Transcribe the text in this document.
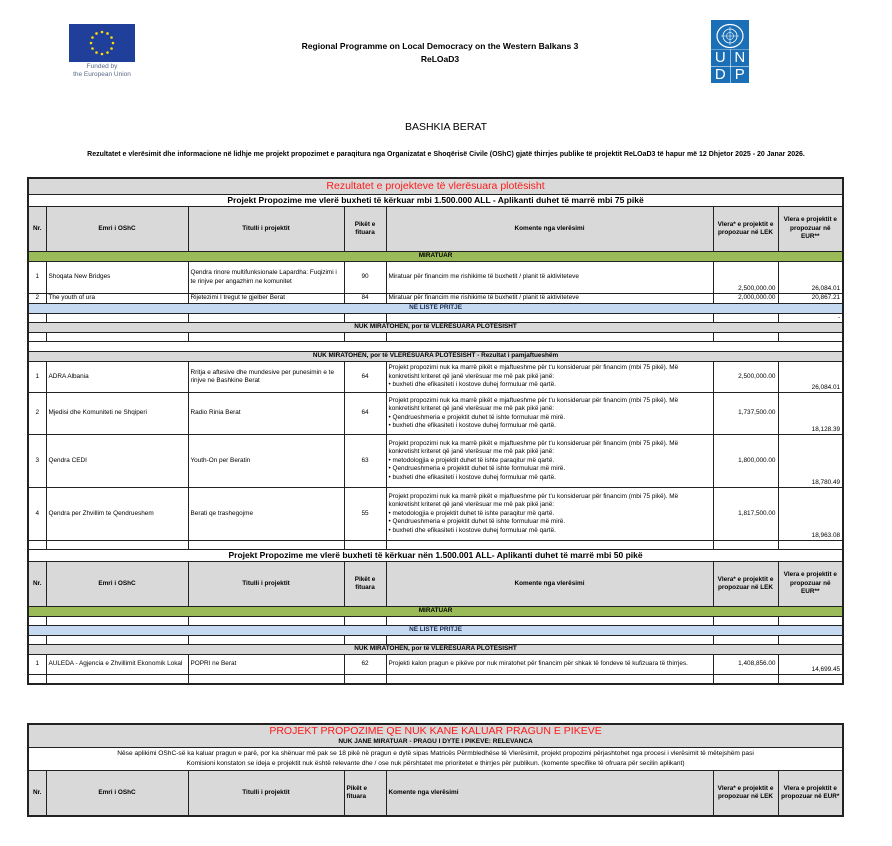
Funded by
the European Union
Regional Programme on Local Democracy on the Western Balkans 3
ReLOaD3	U N
D P
BASHKIA BERAT
Rezultatet e vlerësimit dhe informacione në lidhje me projekt propozimet e paraqitura nga Organizatat e Shoqërisë Civile (OShC) gjatë thirrjes publike të projektit ReLOaD3 të hapur më 12 Dhjetor 2025 - 20 Janar 2026.
Rezultatet e projekteve të vlerësuara plotësisht						
Projekt Propozime me vlerë buxheti të kërkuar mbi 1.500.000 ALL - Aplikanti duhet të marrë mbi 75 pikë						
Nr.	Emri i OShC	Titulli i projektit	Pikët e fituara	Komente nga vlerësimi	Vlera* e projektit e propozuar në LEK	Vlera e projektit e propozuar në EUR**
MIRATUAR						
1	Shoqata New Bridges	Qendra rinore multifunksionale Lapardha: Fuqizimi i te rinjve per angazhim ne komunitet	90	Miratuar për financim me rishikime të buxhetit / planit të aktiviteteve	2,500,000.00	26,084.01
2	The youth of ura	Rijetezimi I tregut te gjelber Berat	84	Miratuar për financim me rishikime të buxhetit / planit të aktiviteteve	2,000,000.00	20,867.21
NË LISTË PRITJE						
						-
NUK MIRATOHEN, por të VLERËSUARA PLOTËSISHT						

NUK MIRATOHEN, por të VLERËSUARA PLOTËSISHT - Rezultat i pamjaftueshëm						
1	ADRA Albania	Rritja e aftesive dhe mundesive per punesimin e te rinjve ne Bashkine Berat	64	Projekt propozimi nuk ka marrë pikët e mjaftueshme për t'u konsideruar për financim (mbi 75 pikë). Më konkretisht kriteret që janë vlerësuar me më pak pikë janë:
• buxheti dhe efikasiteti i kostove duhej formuluar më qartë.	2,500,000.00	26,084.01
2	Mjedisi dhe Komuniteti ne Shqiperi	Radio Rinia Berat	64	Projekt propozimi nuk ka marrë pikët e mjaftueshme për t'u konsideruar për financim (mbi 75 pikë). Më konkretisht kriteret që janë vlerësuar me më pak pikë janë:
• Qendrueshmeria e projektit duhet të ishte formuluar më mirë.
• buxheti dhe efikasiteti i kostove duhej formuluar më qartë.	1,737,500.00	18,128.39
3	Qendra CEDI	Youth-On per Beratin	63	Projekt propozimi nuk ka marrë pikët e mjaftueshme për t'u konsideruar për financim (mbi 75 pikë). Më konkretisht kriteret që janë vlerësuar me më pak pikë janë:
• metodologjia e projektit duhet të ishte paraqitur më qartë.
• Qendrueshmeria e projektit duhet të ishte formuluar më mirë.
• buxheti dhe efikasiteti i kostove duhej formuluar më qartë.	1,800,000.00	18,780.49
4	Qendra per Zhvillim te Qendrueshem	Berati qe trashegojme	55	Projekt propozimi nuk ka marrë pikët e mjaftueshme për t'u konsideruar për financim (mbi 75 pikë). Më konkretisht kriteret që janë vlerësuar me më pak pikë janë:
• metodologjia e projektit duhet të ishte paraqitur më qartë.
• Qendrueshmeria e projektit duhet të ishte formuluar më mirë.
• buxheti dhe efikasiteti i kostove duhej formuluar më qartë.	1,817,500.00	18,963.08

Projekt Propozime me vlerë buxheti të kërkuar nën 1.500.001 ALL- Aplikanti duhet të marrë mbi 50 pikë						
Nr.	Emri i OShC	Titulli i projektit	Pikët e fituara	Komente nga vlerësimi	Vlera* e projektit e propozuar në LEK	Vlera e projektit e propozuar në EUR**
MIRATUAR						

NË LISTË PRITJE						

NUK MIRATOHEN, por të VLERËSUARA PLOTËSISHT						
1	AULEDA - Agjencia e Zhvillimit Ekonomik Lokal	POPRI ne Berat	62	Projekti kalon pragun e pikëve por nuk miratohet për financim për shkak të fondeve të kufizuara të thirrjes.	1,408,856.00	14,699.45

PROJEKT PROPOZIME QE NUK KANE KALUAR PRAGUN E PIKEVE
NUK JANË MIRATUAR - PRAGU I DYTË I PIKËVE: RELEVANCA

Nëse aplikimi OShC-së ka kaluar pragun e parë, por ka shënuar më pak se 18 pikë në pragun e dytë sipas Matricës Përmbledhëse të Vlerësimit, projekt propozimi përjashtohet nga procesi i vlerësimit të mëtejshëm pasi
Komisioni konstaton se ideja e projektit nuk është relevante dhe / ose nuk përshtatet me prioritetet e thirrjes për publikun. (komente specifike të ofruara për secilin aplikant)

Nr.	Emri i OShC	Titulli i projektit	Pikët e fituara	Komente nga vlerësimi	Vlera* e projektit e propozuar në LEK	Vlera e projektit e propozuar në EUR*
